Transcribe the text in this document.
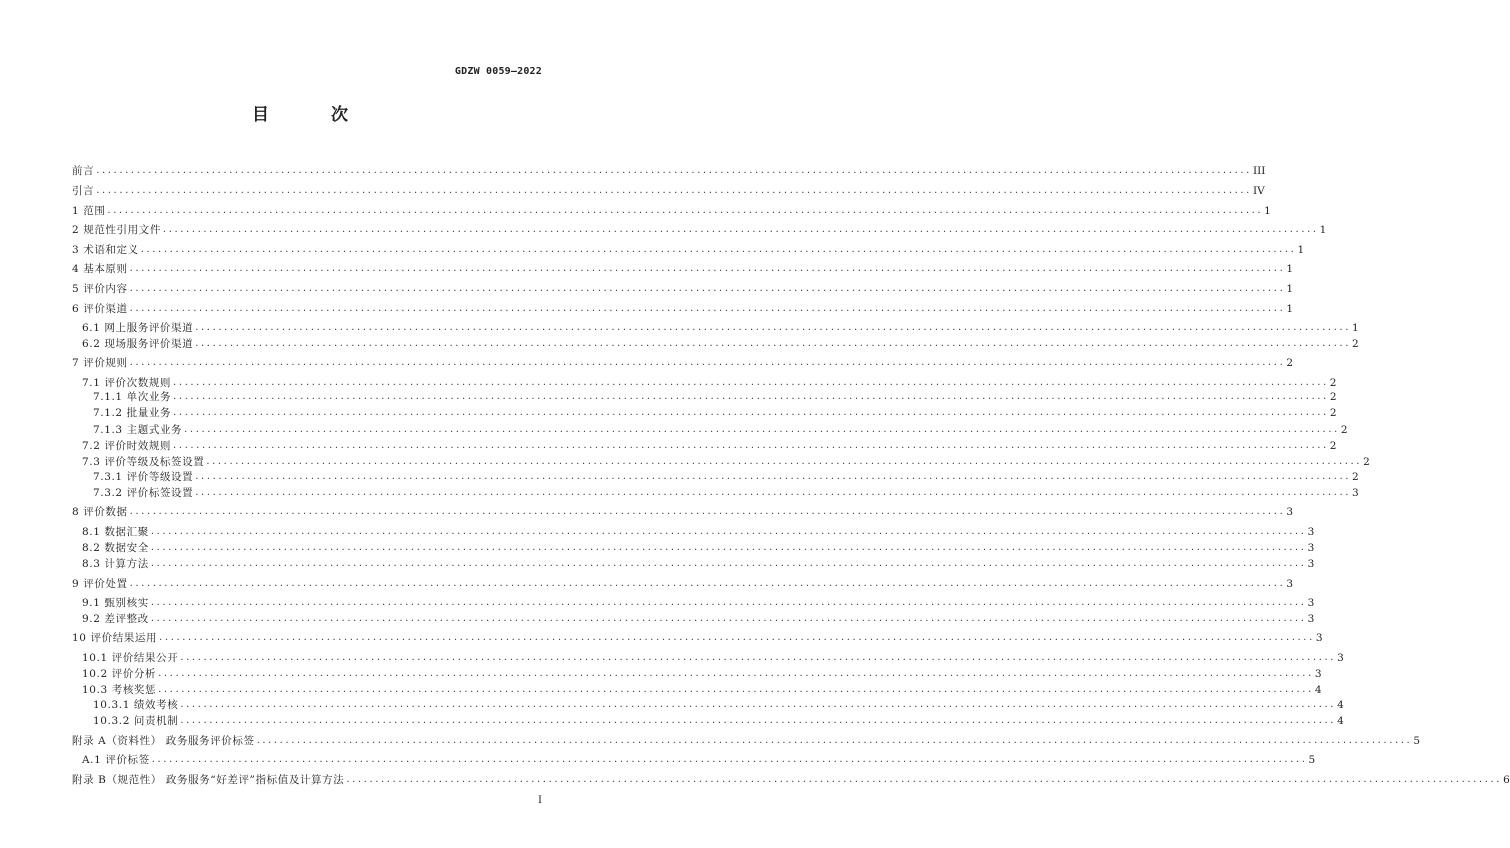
GDZW 0059—2022
目 次
前言 ........................................................................................................................................................................................................ III
引言 ........................................................................................................................................................................................................ IV
1 范围 ........................................................................................................................................................................................................ 1
2 规范性引用文件 ........................................................................................................................................................................................................ 1
3 术语和定义 ........................................................................................................................................................................................................ 1
4 基本原则 ........................................................................................................................................................................................................ 1
5 评价内容 ........................................................................................................................................................................................................ 1
6 评价渠道 ........................................................................................................................................................................................................ 1
6.1 网上服务评价渠道 ........................................................................................................................................................................................................ 1
6.2 现场服务评价渠道 ........................................................................................................................................................................................................ 2
7 评价规则 ........................................................................................................................................................................................................ 2
7.1 评价次数规则 ........................................................................................................................................................................................................ 2
7.1.1 单次业务 ........................................................................................................................................................................................................ 2
7.1.2 批量业务 ........................................................................................................................................................................................................ 2
7.1.3 主题式业务 ........................................................................................................................................................................................................ 2
7.2 评价时效规则 ........................................................................................................................................................................................................ 2
7.3 评价等级及标签设置 ........................................................................................................................................................................................................ 2
7.3.1 评价等级设置 ........................................................................................................................................................................................................ 2
7.3.2 评价标签设置 ........................................................................................................................................................................................................ 3
8 评价数据 ........................................................................................................................................................................................................ 3
8.1 数据汇聚 ........................................................................................................................................................................................................ 3
8.2 数据安全 ........................................................................................................................................................................................................ 3
8.3 计算方法 ........................................................................................................................................................................................................ 3
9 评价处置 ........................................................................................................................................................................................................ 3
9.1 甄别核实 ........................................................................................................................................................................................................ 3
9.2 差评整改 ........................................................................................................................................................................................................ 3
10 评价结果运用 ........................................................................................................................................................................................................ 3
10.1 评价结果公开 ........................................................................................................................................................................................................ 3
10.2 评价分析 ........................................................................................................................................................................................................ 3
10.3 考核奖惩 ........................................................................................................................................................................................................ 4
10.3.1 绩效考核 ........................................................................................................................................................................................................ 4
10.3.2 问责机制 ........................................................................................................................................................................................................ 4
附录 A（资料性） 政务服务评价标签 ........................................................................................................................................................................................................ 5
A.1 评价标签 ........................................................................................................................................................................................................ 5
附录 B（规范性） 政务服务“好差评”指标值及计算方法 ........................................................................................................................................................................................................ 6
I
